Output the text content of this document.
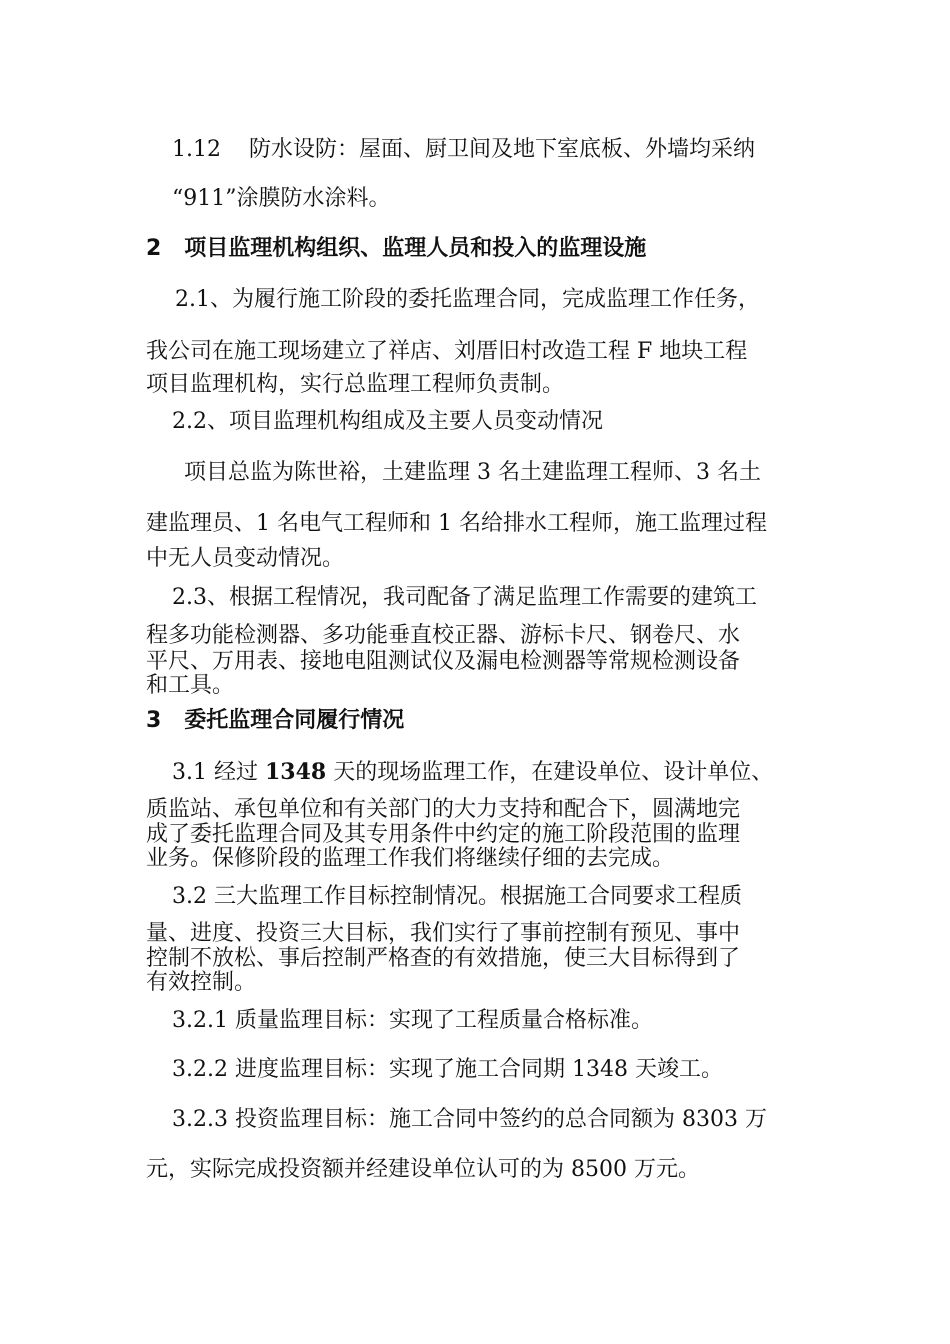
1.12    防水设防：屋面、厨卫间及地下室底板、外墙均采纳
“911”涂膜防水涂料。
2   项目监理机构组织、监理人员和投入的监理设施
2.1、为履行施工阶段的委托监理合同，完成监理工作任务，
我公司在施工现场建立了祥店、刘厝旧村改造工程 F 地块工程
项目监理机构，实行总监理工程师负责制。
2.2、项目监理机构组成及主要人员变动情况
项目总监为陈世裕，土建监理 3 名土建监理工程师、3 名土
建监理员、1 名电气工程师和 1 名给排水工程师，施工监理过程
中无人员变动情况。
2.3、根据工程情况，我司配备了满足监理工作需要的建筑工
程多功能检测器、多功能垂直校正器、游标卡尺、钢卷尺、水
平尺、万用表、接地电阻测试仪及漏电检测器等常规检测设备
和工具。
3   委托监理合同履行情况
3.1 经过 1348 天的现场监理工作，在建设单位、设计单位、
质监站、承包单位和有关部门的大力支持和配合下，圆满地完
成了委托监理合同及其专用条件中约定的施工阶段范围的监理
业务。保修阶段的监理工作我们将继续仔细的去完成。
3.2 三大监理工作目标控制情况。根据施工合同要求工程质
量、进度、投资三大目标，我们实行了事前控制有预见、事中
控制不放松、事后控制严格查的有效措施，使三大目标得到了
有效控制。
3.2.1 质量监理目标：实现了工程质量合格标准。
3.2.2 进度监理目标：实现了施工合同期 1348 天竣工。
3.2.3 投资监理目标：施工合同中签约的总合同额为 8303 万
元，实际完成投资额并经建设单位认可的为 8500 万元。
